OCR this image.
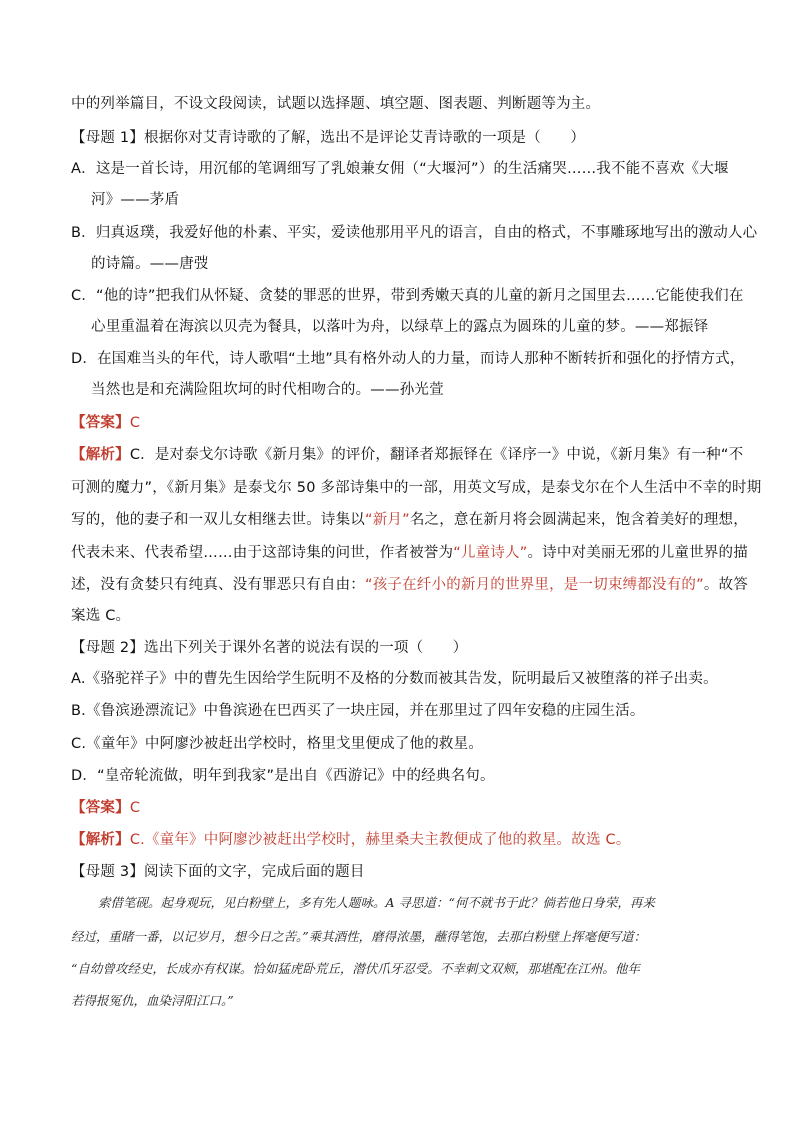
中的列举篇目，不设文段阅读，试题以选择题、填空题、图表题、判断题等为主。
【母题 1】根据你对艾青诗歌的了解，选出不是评论艾青诗歌的一项是（　　）
A．这是一首长诗，用沉郁的笔调细写了乳娘兼女佣（“大堰河”）的生活痛哭……我不能不喜欢《大堰
河》——茅盾
B．归真返璞，我爱好他的朴素、平实，爱读他那用平凡的语言，自由的格式，不事雕琢地写出的激动人心
的诗篇。——唐弢
C．“他的诗”把我们从怀疑、贪婪的罪恶的世界，带到秀嫩天真的儿童的新月之国里去……它能使我们在
心里重温着在海滨以贝壳为餐具，以落叶为舟，以绿草上的露点为圆珠的儿童的梦。——郑振铎
D．在国难当头的年代，诗人歌唱“土地”具有格外动人的力量，而诗人那种不断转折和强化的抒情方式，
当然也是和充满险阻坎坷的时代相吻合的。——孙光萱
【答案】C
【解析】C．是对泰戈尔诗歌《新月集》的评价，翻译者郑振铎在《译序一》中说，《新月集》有一种“不
可测的魔力”，《新月集》是泰戈尔 50 多部诗集中的一部，用英文写成，是泰戈尔在个人生活中不幸的时期
写的，他的妻子和一双儿女相继去世。诗集以“新月”名之，意在新月将会圆满起来，饱含着美好的理想，
代表未来、代表希望……由于这部诗集的问世，作者被誉为“儿童诗人”。诗中对美丽无邪的儿童世界的描
述，没有贪婪只有纯真、没有罪恶只有自由：“孩子在纤小的新月的世界里，是一切束缚都没有的”。故答
案选 C。
【母题 2】选出下列关于课外名著的说法有误的一项（　　）
A.《骆驼祥子》中的曹先生因给学生阮明不及格的分数而被其告发，阮明最后又被堕落的祥子出卖。
B.《鲁滨逊漂流记》中鲁滨逊在巴西买了一块庄园，并在那里过了四年安稳的庄园生活。
C.《童年》中阿廖沙被赶出学校时，格里戈里便成了他的救星。
D．“皇帝轮流做，明年到我家”是出自《西游记》中的经典名句。
【答案】C
【解析】C.《童年》中阿廖沙被赶出学校时，赫里桑夫主教便成了他的救星。故选 C。
【母题 3】阅读下面的文字，完成后面的题目
索借笔砚。起身观玩，见白粉壁上，多有先人题咏。A 寻思道：“何不就书于此？倘若他日身荣，再来
经过，重睹一番，以记岁月，想今日之苦。”乘其酒性，磨得浓墨，蘸得笔饱，去那白粉壁上挥毫便写道：
“自幼曾攻经史，长成亦有权谋。恰如猛虎卧荒丘，潜伏爪牙忍受。不幸刺文双颊，那堪配在江州。他年
若得报冤仇，血染浔阳江口。”
